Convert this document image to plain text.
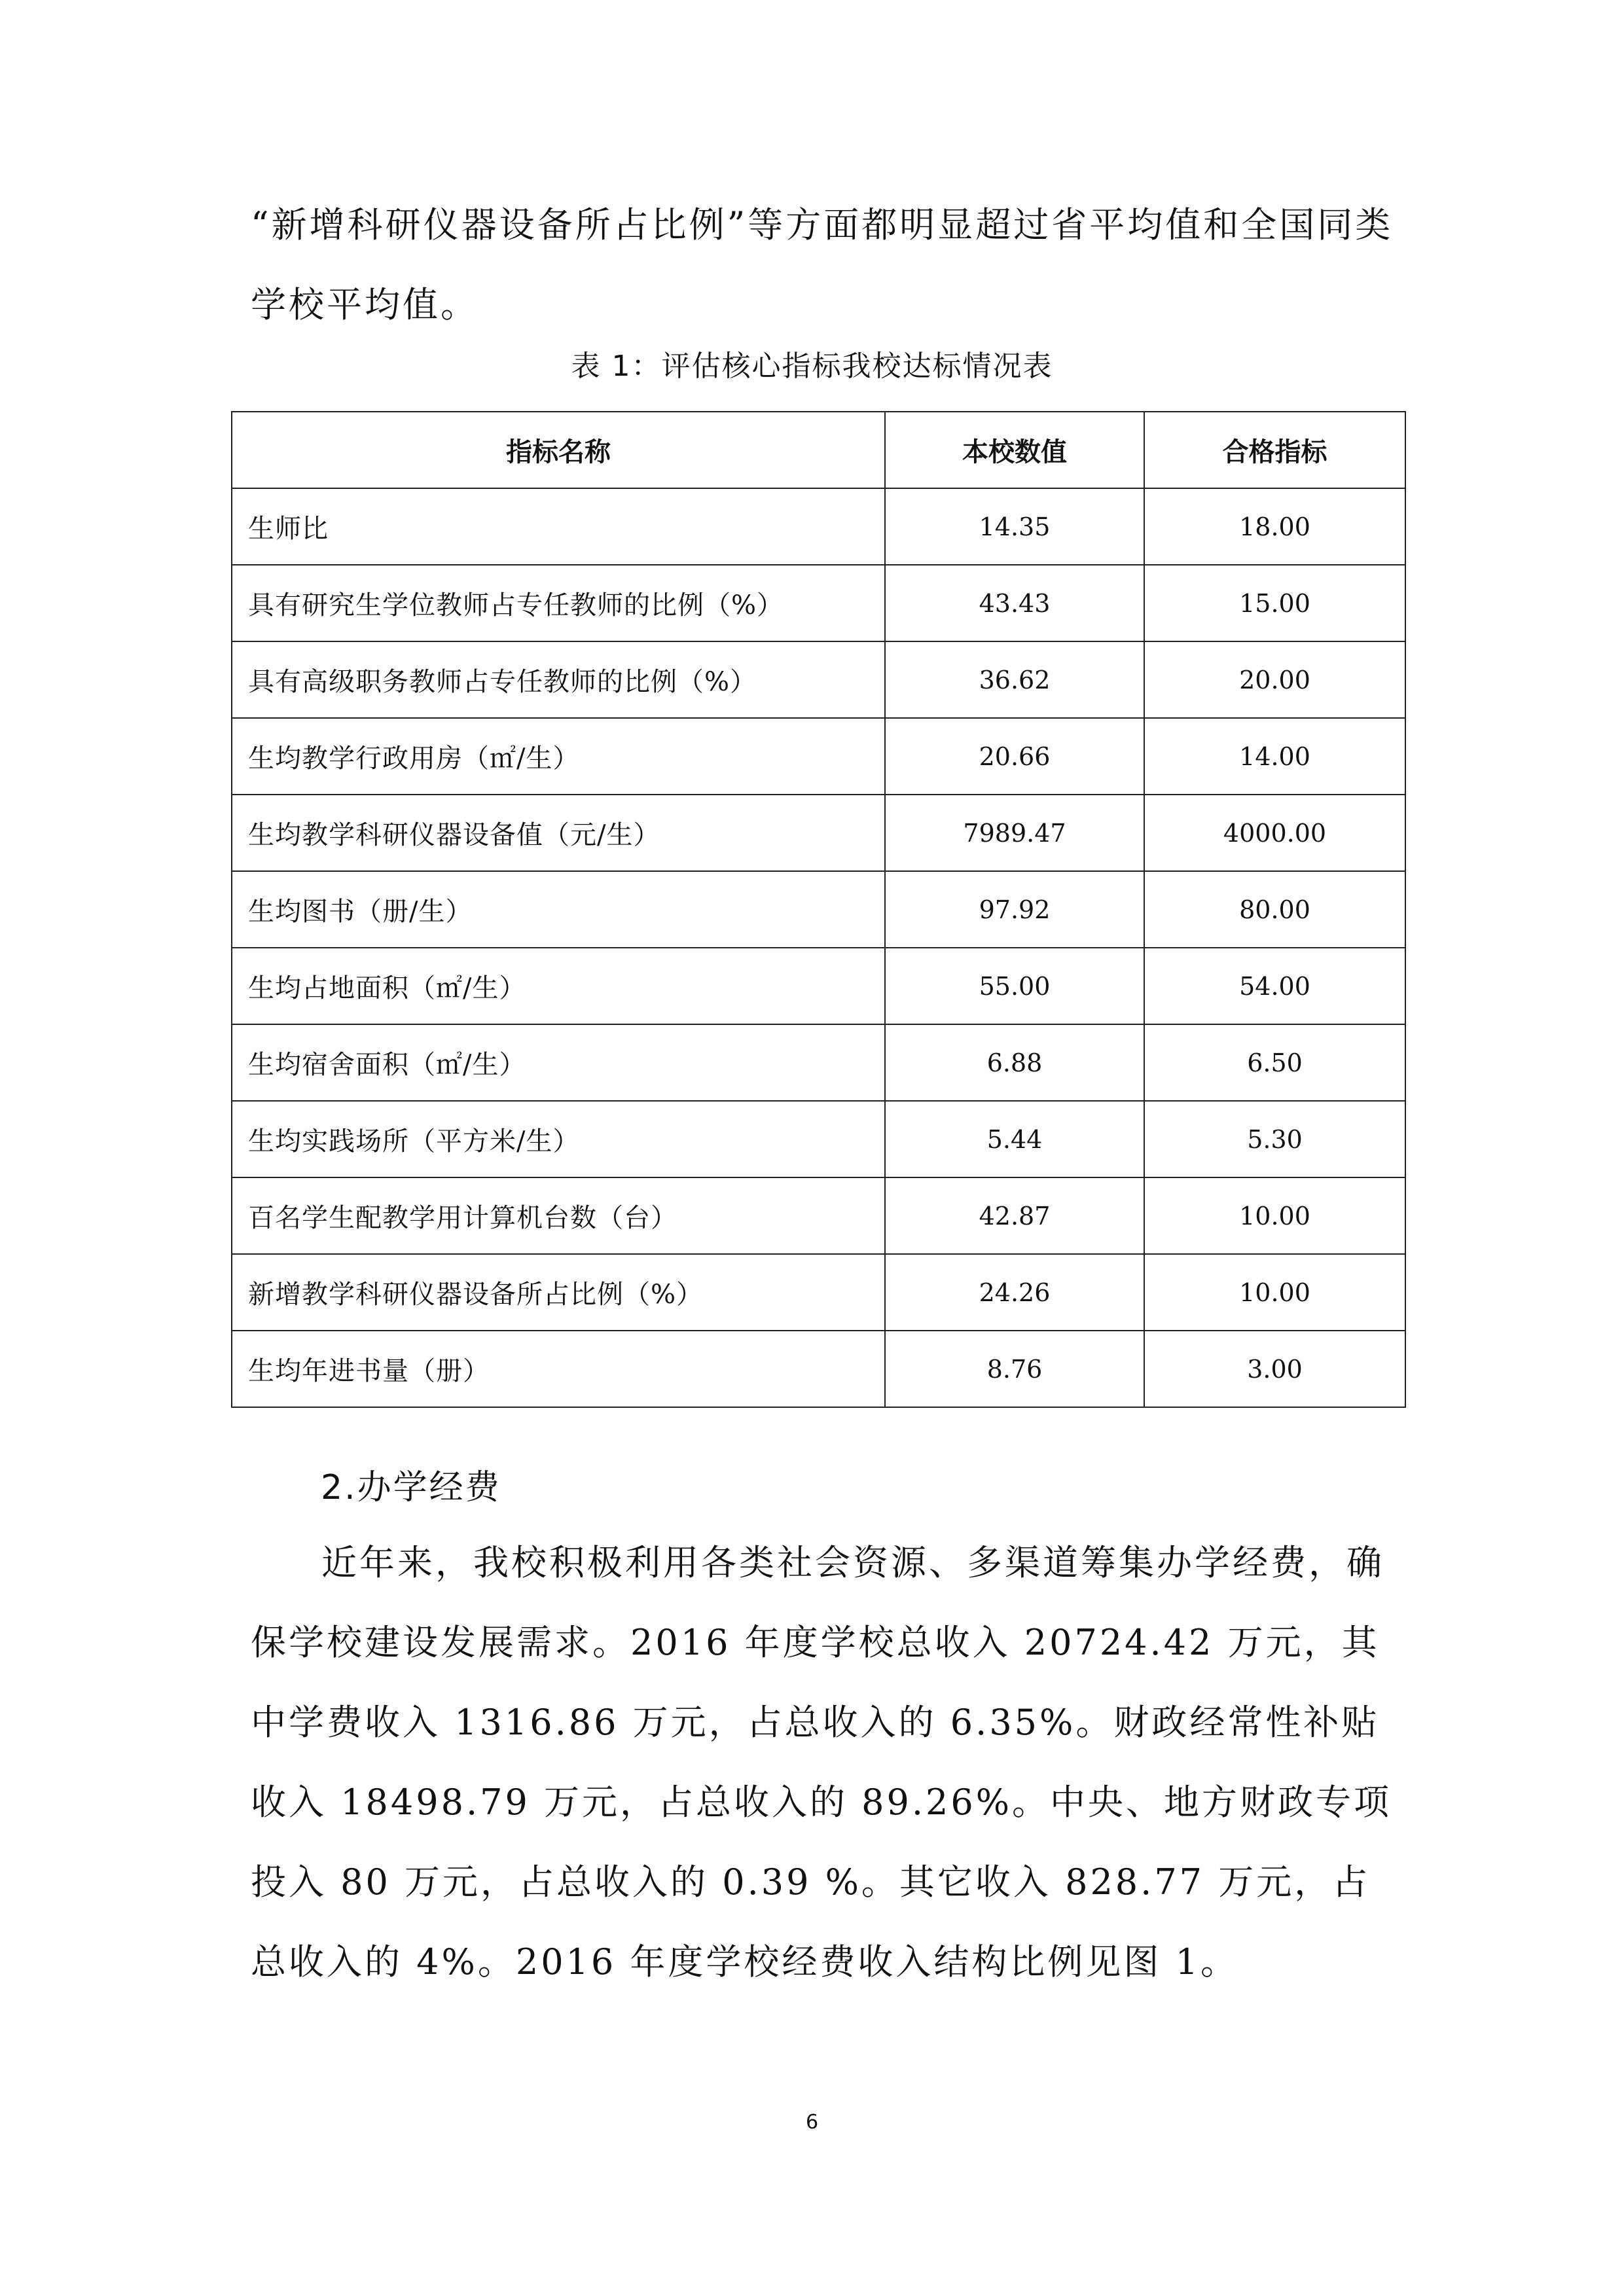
“新增科研仪器设备所占比例”等方面都明显超过省平均值和全国同类学校平均值。

表 1：评估核心指标我校达标情况表
指标名称	本校数值	合格指标
生师比	14.35	18.00
具有研究生学位教师占专任教师的比例（%）	43.43	15.00
具有高级职务教师占专任教师的比例（%）	36.62	20.00
生均教学行政用房（㎡/生）	20.66	14.00
生均教学科研仪器设备值（元/生）	7989.47	4000.00
生均图书（册/生）	97.92	80.00
生均占地面积（㎡/生）	55.00	54.00
生均宿舍面积（㎡/生）	6.88	6.50
生均实践场所（平方米/生）	5.44	5.30
百名学生配教学用计算机台数（台）	42.87	10.00
新增教学科研仪器设备所占比例（%）	24.26	10.00
生均年进书量（册）	8.76	3.00
2.办学经费

近年来，我校积极利用各类社会资源、多渠道筹集办学经费，确保学校建设发展需求。2016 年度学校总收入 20724.42 万元，其中学费收入 1316.86 万元，占总收入的 6.35%。财政经常性补贴收入 18498.79 万元，占总收入的 89.26%。中央、地方财政专项投入 80 万元，占总收入的 0.39 %。其它收入 828.77 万元，占总收入的 4%。2016 年度学校经费收入结构比例见图 1。

6
